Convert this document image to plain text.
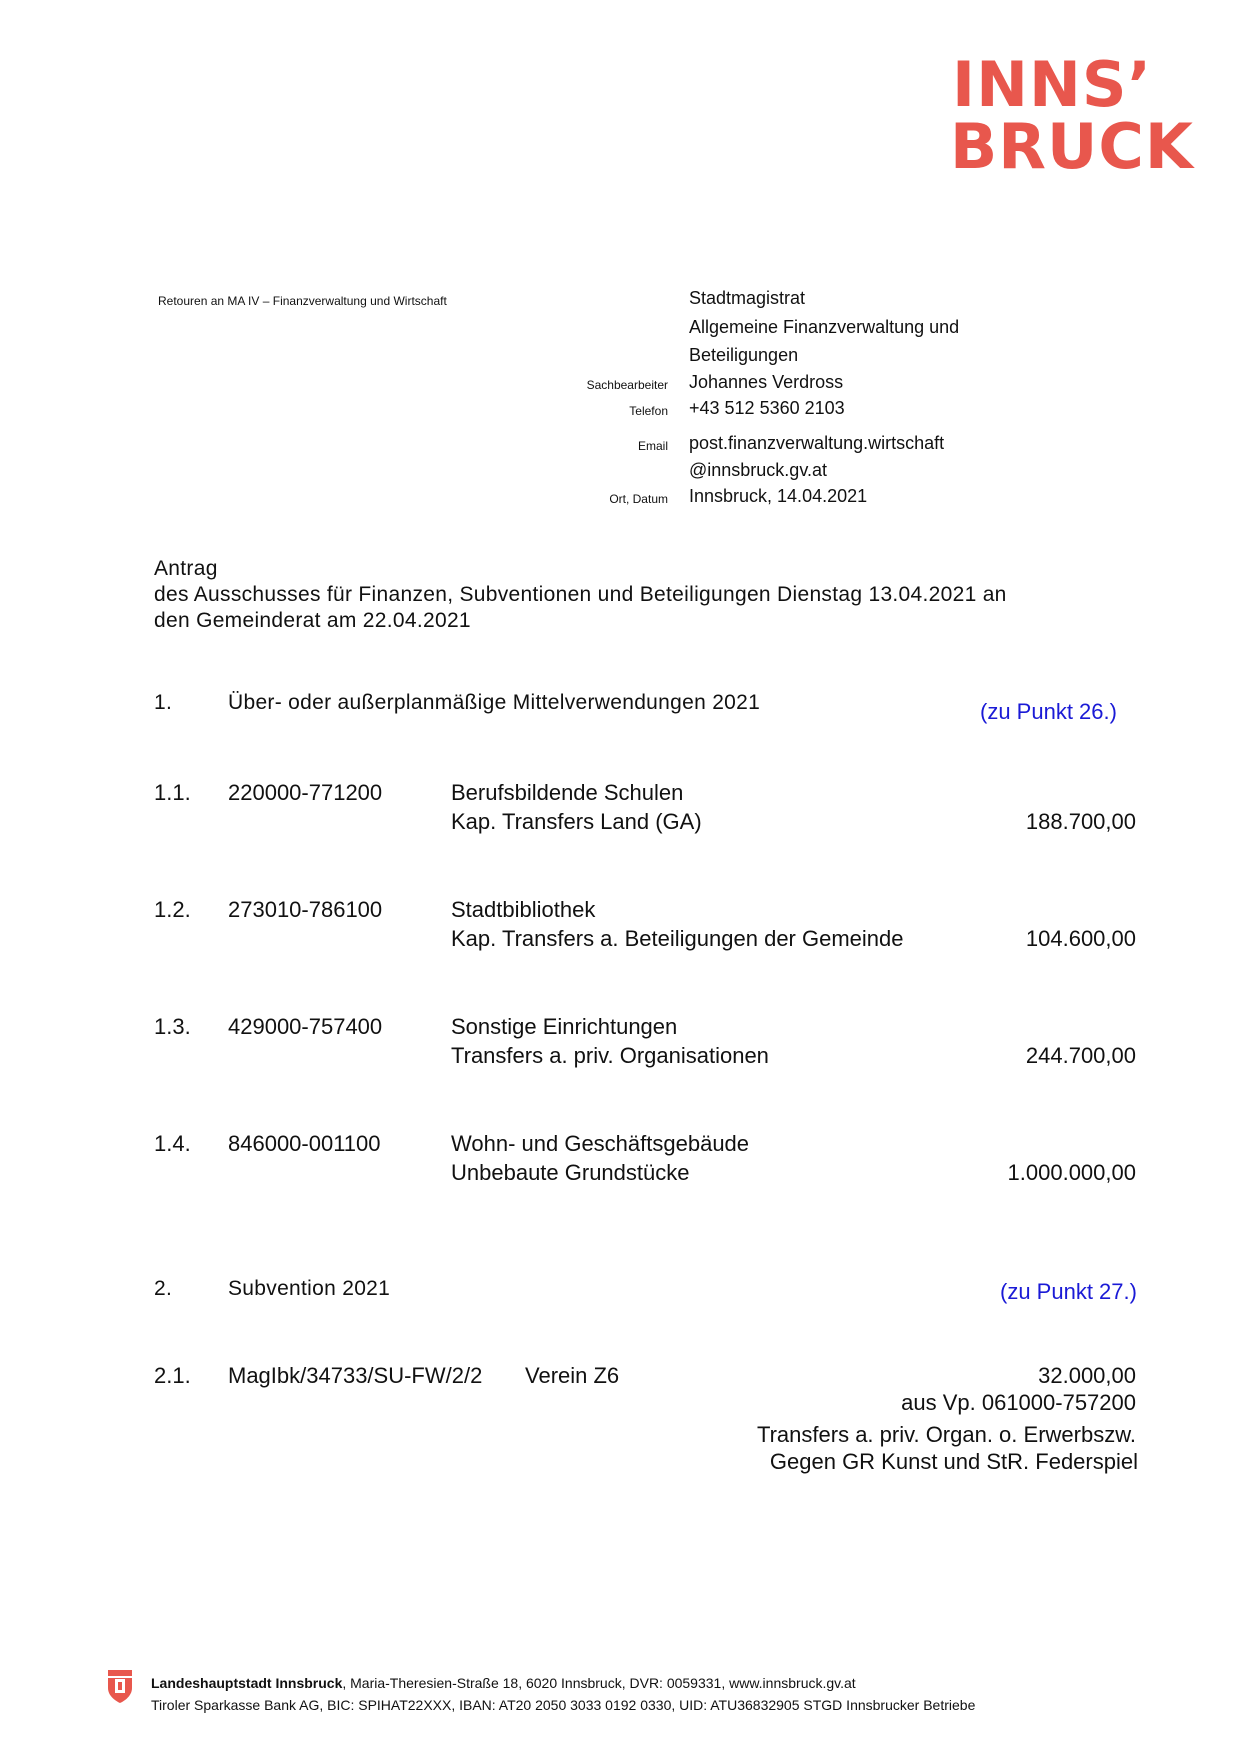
INNS’
BRUCK
Retouren an MA IV – Finanzverwaltung und Wirtschaft	Stadtmagistrat
Allgemeine Finanzverwaltung und
Beteiligungen
Sachbearbeiter Johannes Verdross
Telefon +43 512 5360 2103
Email post.finanzverwaltung.wirtschaft
@innsbruck.gv.at
Ort, Datum Innsbruck, 14.04.2021
Antrag
des Ausschusses für Finanzen, Subventionen und Beteiligungen Dienstag 13.04.2021 an
den Gemeinderat am 22.04.2021
1.	Über- oder außerplanmäßige Mittelverwendungen 2021	(zu Punkt 26.)
1.1. 220000-771200	Berufsbildende Schulen
Kap. Transfers Land (GA)	188.700,00
1.2. 273010-786100	Stadtbibliothek
Kap. Transfers a. Beteiligungen der Gemeinde	104.600,00
1.3. 429000-757400	Sonstige Einrichtungen
Transfers a. priv. Organisationen	244.700,00
1.4. 846000-001100	Wohn- und Geschäftsgebäude
Unbebaute Grundstücke	1.000.000,00
2.	Subvention 2021	(zu Punkt 27.)
2.1. MagIbk/34733/SU-FW/2/2 Verein Z6	32.000,00
aus Vp. 061000-757200
Transfers a. priv. Organ. o. Erwerbszw.
Gegen GR Kunst und StR. Federspiel
Landeshauptstadt Innsbruck, Maria-Theresien-Straße 18, 6020 Innsbruck, DVR: 0059331, www.innsbruck.gv.at
Tiroler Sparkasse Bank AG, BIC: SPIHAT22XXX, IBAN: AT20 2050 3033 0192 0330, UID: ATU36832905 STGD Innsbrucker Betriebe
